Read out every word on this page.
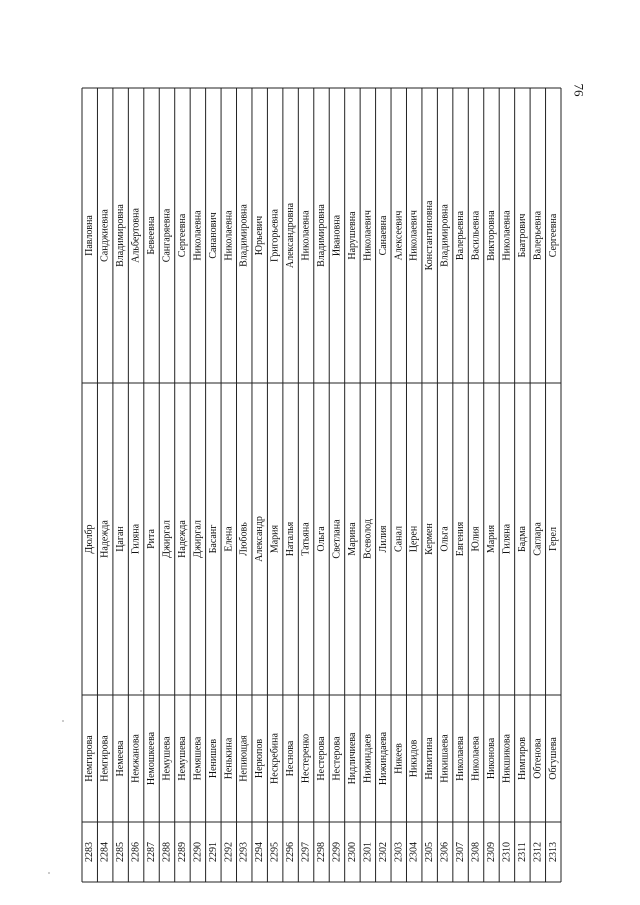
76
2283
Немгирова
Дюлбр
Павловна
2284
Немгирова
Надежда
Санджиевна
2285
Немеева
Цаган
Владимировна
2286
Немжанова
Гиляна
Альбертовна
2287
Немошкеева
Рита
Бевеевна
2288
Немушева
Джиргал
Сангаряевна
2289
Немушева
Надежда
Сергеевна
2290
Немяшева
Джиргал
Николаевна
2291
Ненишев
Басанг
Сананович
2292
Ненькина
Елена
Николаевна
2293
Непиющая
Любовь
Владимировна
2294
Нерюпов
Александр
Юрьевич
2295
Нескребина
Мария
Григорьевна
2296
Неснова
Наталья
Александровна
2297
Нестеренко
Татьяна
Николаевна
2298
Нестерова
Ольга
Владимировна
2299
Нестерова
Светлана
Ивановна
2300
Нидличиева
Марина
Нарушевна
2301
Нижиндаев
Всеволод
Николаевич
2302
Нижиндаева
Лилия
Санаевна
2303
Никеев
Санал
Алексеевич
2304
Никидов
Церен
Николаевич
2305
Никитина
Кермен
Константиновна
2306
Никишаева
Ольга
Владимировна
2307
Николаева
Евгения
Валерьевна
2308
Николаева
Юлия
Васильевна
2309
Никонова
Мария
Викторовна
2310
Никшикова
Гиляна
Николаевна
2311
Нимгиров
Бадма
Баатрович
2312
Обтенова
Саглара
Валерьевна
2313
Обгушева
Герел
Сергеевна
